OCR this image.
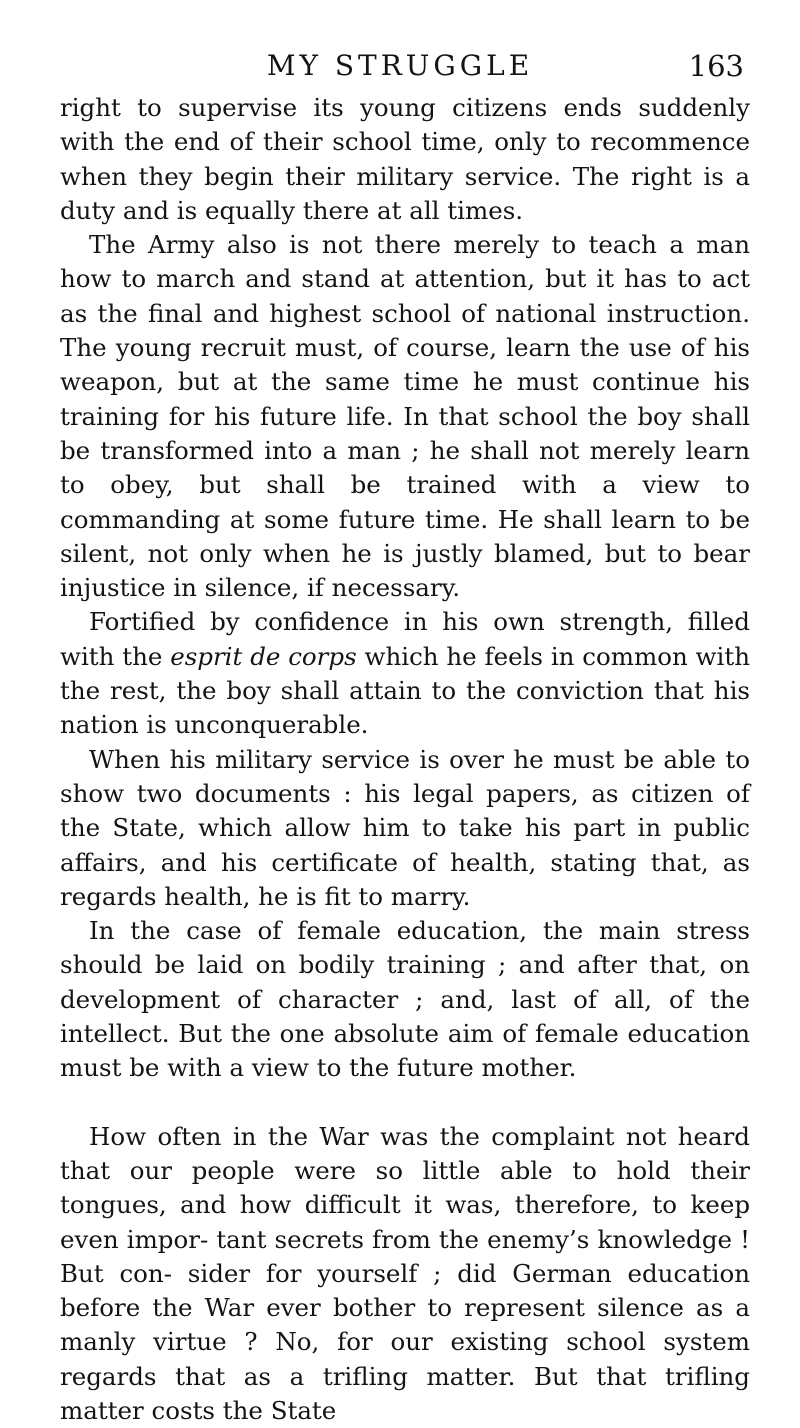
MY STRUGGLE	163

right to supervise its young citizens ends suddenly with the end of their school time, only to recommence when they begin their military service. The right is a duty and is equally there at all times.

The Army also is not there merely to teach a man how to march and stand at attention, but it has to act as the final and highest school of national instruction. The young recruit must, of course, learn the use of his weapon, but at the same time he must continue his training for his future life. In that school the boy shall be transformed into a man ; he shall not merely learn to obey, but shall be trained with a view to commanding at some future time. He shall learn to be silent, not only when he is justly blamed, but to bear injustice in silence, if necessary.

Fortified by confidence in his own strength, filled with the esprit de corps which he feels in common with the rest, the boy shall attain to the conviction that his nation is unconquerable.

When his military service is over he must be able to show two documents : his legal papers, as citizen of the State, which allow him to take his part in public affairs, and his certificate of health, stating that, as regards health, he is fit to marry.

In the case of female education, the main stress should be laid on bodily training ; and after that, on development of character ; and, last of all, of the intellect. But the one absolute aim of female education must be with a view to the future mother.

How often in the War was the complaint not heard that our people were so little able to hold their tongues, and how difficult it was, therefore, to keep even impor- tant secrets from the enemy’s knowledge ! But con- sider for yourself ; did German education before the War ever bother to represent silence as a manly virtue ? No, for our existing school system regards that as a trifling matter. But that trifling matter costs the State
